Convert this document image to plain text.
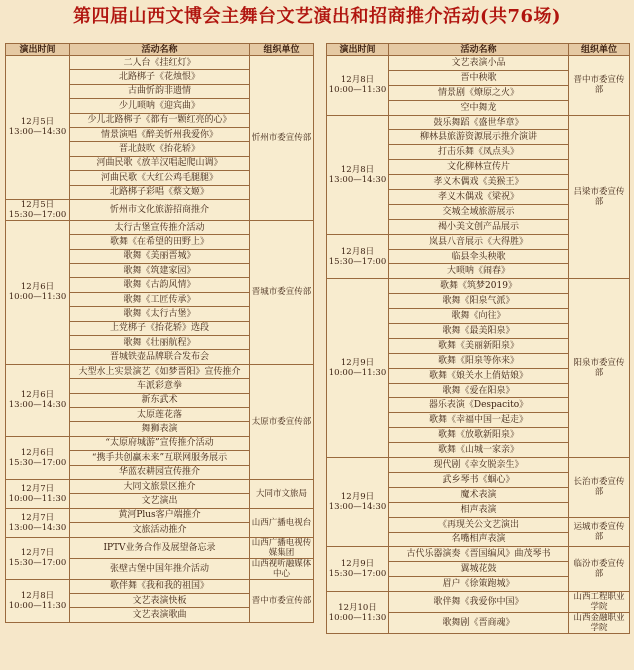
第四届山西文博会主舞台文艺演出和招商推介活动(共76场)
演出时间	活动名称	组织单位

12月5日
13:00—14:30	二人台《挂红灯》	忻州市委宣传部
	北路梆子《花烛恨》	
	古曲忻韵非遗情	
	少儿唢呐《迎宾曲》	
	少儿北路梆子《都有一颗红亮的心》	
	情景演唱《醉美忻州我爱你》	
	晋北鼓吹《抬花轿》	
	河曲民歌《放羊汉唱起爬山调》	
	河曲民歌《大红公鸡毛腿腿》	
	北路梆子彩唱《蔡文姬》	

12月5日
15:30—17:00	忻州市文化旅游招商推介	

12月6日
10:00—11:30	太行古堡宣传推介活动	晋城市委宣传部
	歌舞《在希望的田野上》	
	歌舞《美丽晋城》	
	歌舞《筑建家园》	
	歌舞《古韵风情》	
	歌舞《工匠传承》	
	歌舞《太行古堡》	
	上党梆子《抬花轿》选段	
	歌舞《壮丽航程》	
	晋城铁壶品牌联合发布会	

12月6日
13:00—14:30	大型水上实景演艺《如梦晋阳》宣传推介	太原市委宣传部
	车派彩意拳	
	新东武术	
	太原莲花落	
	舞狮表演	

12月6日
15:30—17:00	“太原府城游”宣传推介活动	
	“携手共创赢未来”互联网服务展示	
	华蓝农耕园宣传推介	

12月7日
10:00—11:30	大同文旅景区推介	大同市文旅局
	文艺演出	

12月7日
13:00—14:30	黄河Plus客户端推介	山西广播电视台
	文旅活动推介	

12月7日
15:30—17:00	IPTV业务合作及展望备忘录	山西广播电视传媒集团
	张壁古堡中国年推介活动	山西视听融媒体中心

12月8日
10:00—11:30	歌伴舞《我和我的祖国》	晋中市委宣传部
	文艺表演快板	
	文艺表演歌曲	
演出时间	活动名称	组织单位

12月8日
10:00—11:30	文艺表演小品	晋中市委宣传部
	晋中秧歌	
	情景剧《燎原之火》	
	空中舞龙	

12月8日
13:00—14:30	鼓乐舞蹈《盛世华章》	吕梁市委宣传部
	柳林县旅游资源展示推介演讲	
	打击乐舞《凤点头》	
	文化柳林宣传片	
	孝义木偶戏《美猴王》	
	孝义木偶戏《梁祝》	
	交城全域旅游展示	
	褐小美文创产品展示	

12月8日
15:30—17:00	岚县八音展示《大得胜》	
	临县伞头秧歌	
	大唢呐《闹春》	

12月9日
10:00—11:30	歌舞《筑梦2019》	阳泉市委宣传部
	歌舞《阳泉气派》	
	歌舞《向往》	
	歌舞《最美阳泉》	
	歌舞《美丽新阳泉》	
	歌舞《阳泉等你来》	
	歌舞《娘关水上俏姑娘》	
	歌舞《爱在阳泉》	
	器乐表演《Despacito》	
	歌舞《幸福中国一起走》	
	歌舞《放歌新阳泉》	
	歌舞《山城一家亲》	

12月9日
13:00—14:30	现代剧《幸女脱亲生》	长治市委宣传部
	武乡琴书《蝈心》	
	魔术表演	
	相声表演	
	《再现关公文艺演出	运城市委宣传部
	名嘴相声表演	

12月9日
15:30—17:00	古代乐器演奏《晋国编风》曲茂琴书	临汾市委宣传部
	翼城花鼓	
	眉户《徐策跑城》	

12月10日
10:00—11:30	歌伴舞《我爱你中国》	山西工程职业学院
	歌舞剧《晋商魂》	山西金融职业学院
